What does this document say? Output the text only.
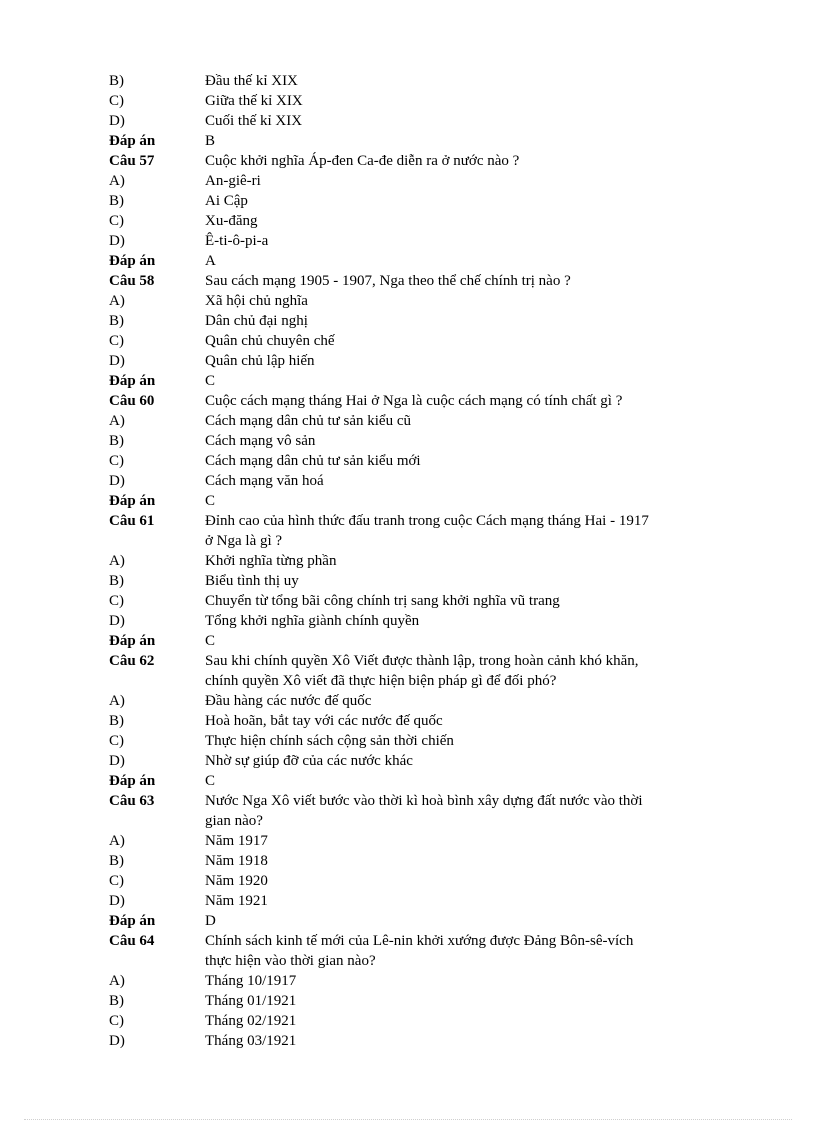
B)	Đầu thế kỉ XIX
C)	Giữa thế kỉ XIX
D)	Cuối thế kỉ XIX
Đáp án	B
Câu 57	Cuộc khởi nghĩa Áp-đen Ca-đe diễn ra ở nước nào ?
A)	An-giê-ri
B)	Ai Cập
C)	Xu-đăng
D)	Ê-ti-ô-pi-a
Đáp án	A
Câu 58	Sau cách mạng 1905 - 1907, Nga theo thể chế chính trị nào ?
A)	Xã hội chủ nghĩa
B)	Dân chủ đại nghị
C)	Quân chủ chuyên chế
D)	Quân chủ lập hiến
Đáp án	C
Câu 60	Cuộc cách mạng tháng Hai ở Nga là cuộc cách mạng có tính chất gì ?
A)	Cách mạng dân chủ tư sản kiểu cũ
B)	Cách mạng vô sản
C)	Cách mạng dân chủ tư sản kiểu mới
D)	Cách mạng văn hoá
Đáp án	C
Câu 61	Đỉnh cao của hình thức đấu tranh trong cuộc Cách mạng tháng Hai - 1917
ở Nga là gì ?
A)	Khởi nghĩa từng phần
B)	Biểu tình thị uy
C)	Chuyển từ tổng bãi công chính trị sang khởi nghĩa vũ trang
D)	Tổng khởi nghĩa giành chính quyền
Đáp án	C
Câu 62	Sau khi chính quyền Xô Viết được thành lập, trong hoàn cảnh khó khăn,
chính quyền Xô viết đã thực hiện biện pháp gì để đối phó?
A)	Đầu hàng các nước đế quốc
B)	Hoà hoãn, bắt tay với các nước đế quốc
C)	Thực hiện chính sách cộng sản thời chiến
D)	Nhờ sự giúp đỡ của các nước khác
Đáp án	C
Câu 63	Nước Nga Xô viết bước vào thời kì hoà bình xây dựng đất nước vào thời
gian nào?
A)	Năm 1917
B)	Năm 1918
C)	Năm 1920
D)	Năm 1921
Đáp án	D
Câu 64	Chính sách kinh tế mới của Lê-nin khởi xướng được Đảng Bôn-sê-vích
thực hiện vào thời gian nào?
A)	Tháng 10/1917
B)	Tháng 01/1921
C)	Tháng 02/1921
D)	Tháng 03/1921
